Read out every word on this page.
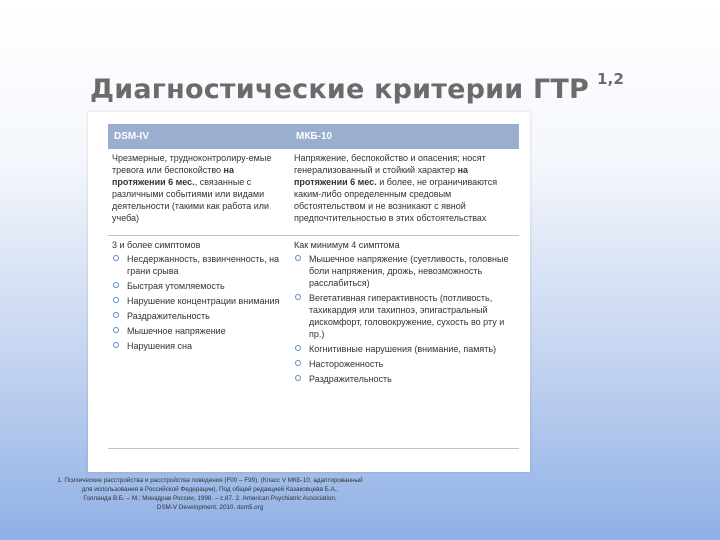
Диагностические критерии ГТР $^{1,2}$
DSM-IV	МКБ-10
Чрезмерные, трудноконтролиру-емые тревога или беспокойство на протяжении 6 мес., связанные с различными событиями или видами деятельности (такими как работа или учеба)
Напряжение, беспокойство и опасения; носят генерализованный и стойкий характер на протяжении 6 мес. и более, не ограничиваются каким-либо определенным средовым обстоятельством и не возникают с явной предпочтительностью в этих обстоятельствах
3 и более симптомов
Несдержанность, взвинченность, на грани срыва
Быстрая утомляемость
Нарушение концентрации внимания
Раздражительность
Мышечное напряжение
Нарушения сна
Как минимум 4 симптома
Мышечное напряжение (суетливость, головные боли напряжения, дрожь, невозможность расслабиться)
Вегетативная гиперактивность (потливость, тахикардия или тахипноэ, эпигастральный дискомфорт, головокружение, сухость во рту и пр.)
Когнитивные нарушения (внимание, память)
Настороженность
Раздражительность
1. Психические расстройства и расстройства поведения (F00 – F99). (Класс V МКБ-10, адаптированный
для использования в Российской Федерации). Под общей редакцией Казаковцева Б.А.,
Голланда В.Б. – М.: Минздрав России, 1998. – с.87. 2. American Psychiatric Association.
DSM-V Development. 2010. dsm5.org
